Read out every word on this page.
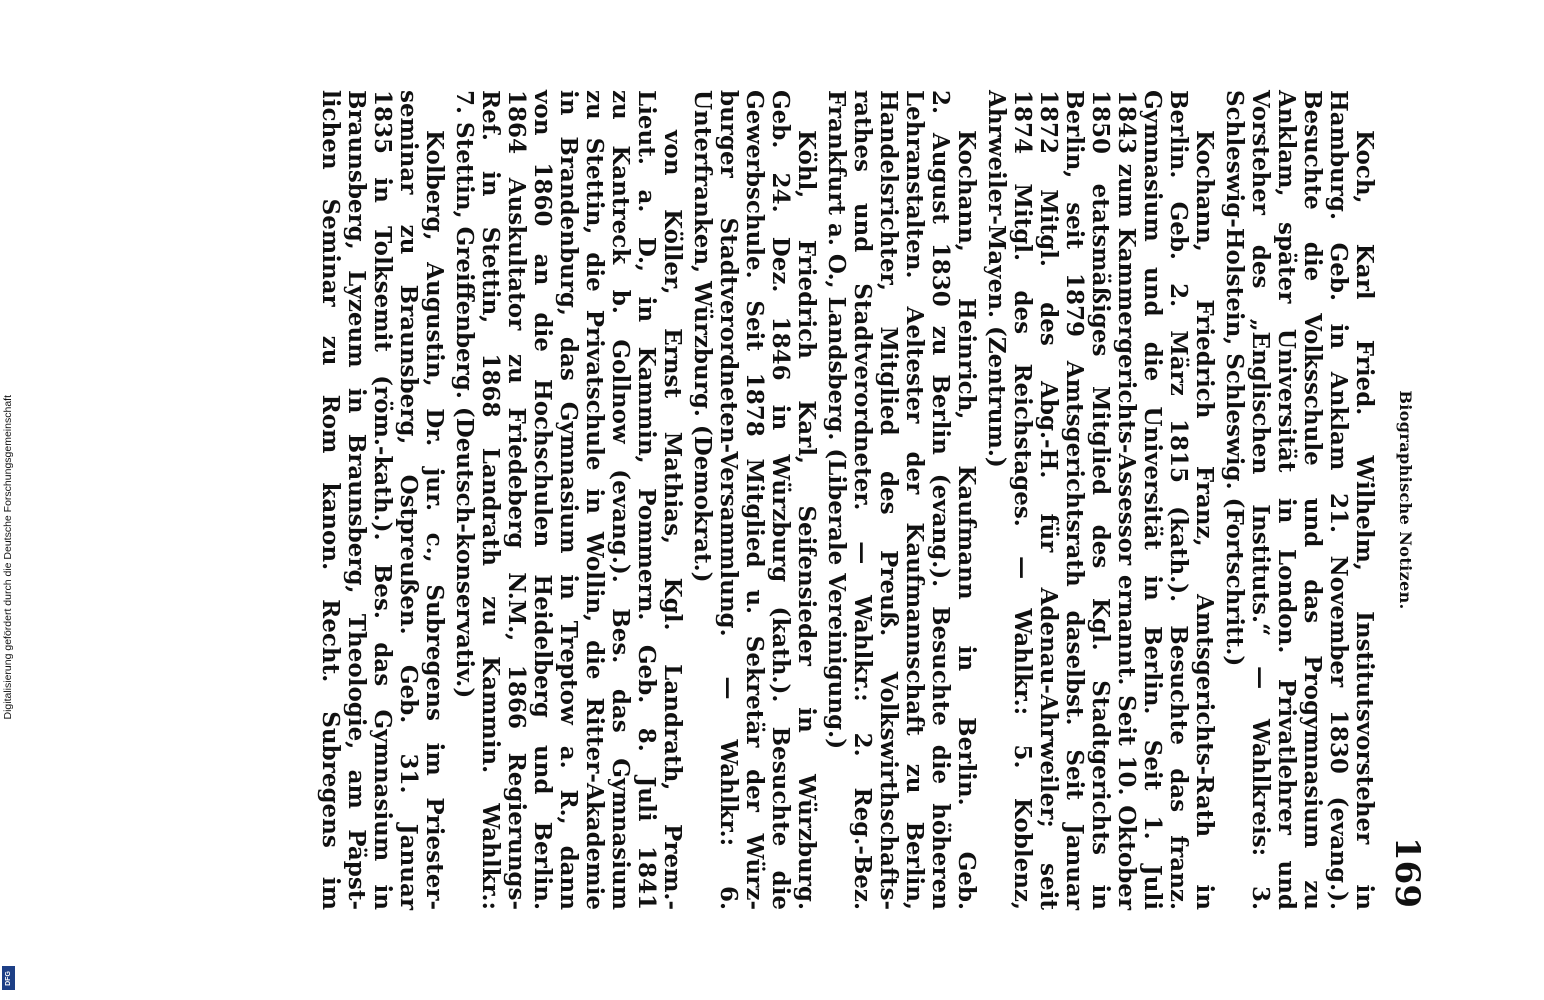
Digitalisierung gefördert durch die Deutsche Forschungsgemeinschaft
DFG
Biographische Notizen.
169
Koch, Karl Fried. Wilhelm, Institutsvorsteher in
Hamburg. Geb. in Anklam 21. November 1830 (evang.).
Besuchte die Volksschule und das Progymnasium zu
Anklam, später Universität in London. Privatlehrer und
Vorsteher des „Englischen Instituts.“ — Wahlkreis: 3.
Schleswig-Holstein, Schleswig. (Fortschritt.)
Kochann, Friedrich Franz, Amtsgerichts-Rath in
Berlin. Geb. 2. März 1815 (kath.). Besuchte das franz.
Gymnasium und die Universität in Berlin. Seit 1. Juli
1843 zum Kammergerichts-Assessor ernannt. Seit 10. Oktober
1850 etatsmäßiges Mitglied des Kgl. Stadtgerichts in
Berlin, seit 1879 Amtsgerichtsrath daselbst. Seit Januar
1872 Mitgl. des Abg.-H. für Adenau-Ahrweiler; seit
1874 Mitgl. des Reichstages. — Wahlkr.: 5. Koblenz,
Ahrweiler-Mayen. (Zentrum.)
Kochann, Heinrich, Kaufmann in Berlin. Geb.
2. August 1830 zu Berlin (evang.). Besuchte die höheren
Lehranstalten. Aeltester der Kaufmannschaft zu Berlin,
Handelsrichter, Mitglied des Preuß. Volkswirthschafts-
rathes und Stadtverordneter. — Wahlkr.: 2. Reg.-Bez.
Frankfurt a. O., Landsberg. (Liberale Vereinigung.)
Köhl, Friedrich Karl, Seifensieder in Würzburg.
Geb. 24. Dez. 1846 in Würzburg (kath.). Besuchte die
Gewerbschule. Seit 1878 Mitglied u. Sekretär der Würz-
burger Stadtverordneten-Versammlung. — Wahlkr.: 6.
Unterfranken, Würzburg. (Demokrat.)
von Köller, Ernst Mathias, Kgl. Landrath, Prem.-
Lieut. a. D., in Kammin, Pommern. Geb. 8. Juli 1841
zu Kantreck b. Gollnow (evang.). Bes. das Gymnasium
zu Stettin, die Privatschule in Wollin, die Ritter-Akademie
in Brandenburg, das Gymnasium in Treptow a. R., dann
von 1860 an die Hochschulen Heidelberg und Berlin.
1864 Auskultator zu Friedeberg N.M., 1866 Regierungs-
Ref. in Stettin, 1868 Landrath zu Kammin. Wahlkr.:
7. Stettin, Greiffenberg. (Deutsch-konservativ.)
Kolberg, Augustin, Dr. jur. c., Subregens im Priester-
seminar zu Braunsberg, Ostpreußen. Geb. 31. Januar
1835 in Tolksemit (röm.-kath.). Bes. das Gymnasium in
Braunsberg, Lyzeum in Braunsberg, Theologie, am Päpst-
lichen Seminar zu Rom kanon. Recht. Subregens im
